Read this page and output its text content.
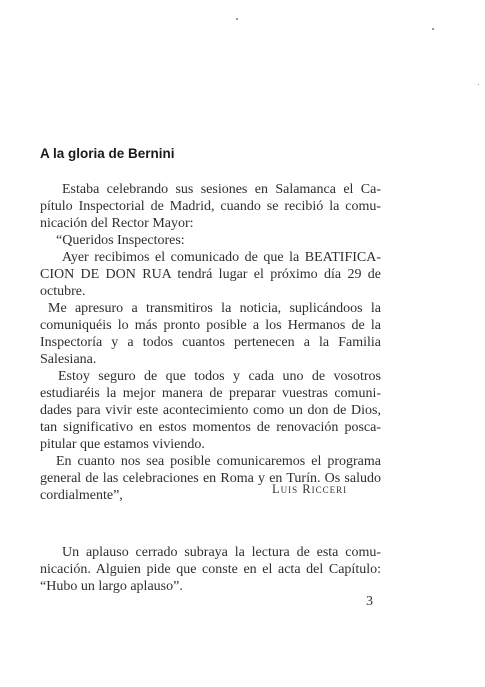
A la gloria de Bernini
Estaba celebrando sus sesiones en Salamanca el Ca-
pítulo Inspectorial de Madrid, cuando se recibió la comu-
nicación del Rector Mayor:
“Queridos Inspectores:
Ayer recibimos el comunicado de que la BEATIFICA-
CION DE DON RUA tendrá lugar el próximo día 29 de
octubre.
Me apresuro a transmitiros la noticia, suplicándoos la
comuniquéis lo más pronto posible a los Hermanos de la
Inspectoría y a todos cuantos pertenecen a la Familia
Salesiana.
Estoy seguro de que todos y cada uno de vosotros
estudiaréis la mejor manera de preparar vuestras comuni-
dades para vivir este acontecimiento como un don de Dios,
tan significativo en estos momentos de renovación posca-
pitular que estamos viviendo.
En cuanto nos sea posible comunicaremos el programa
general de las celebraciones en Roma y en Turín. Os saludo
cordialmente”,	Luis Ricceri
Un aplauso cerrado subraya la lectura de esta comu-
nicación. Alguien pide que conste en el acta del Capítulo:
“Hubo un largo aplauso”.
3
